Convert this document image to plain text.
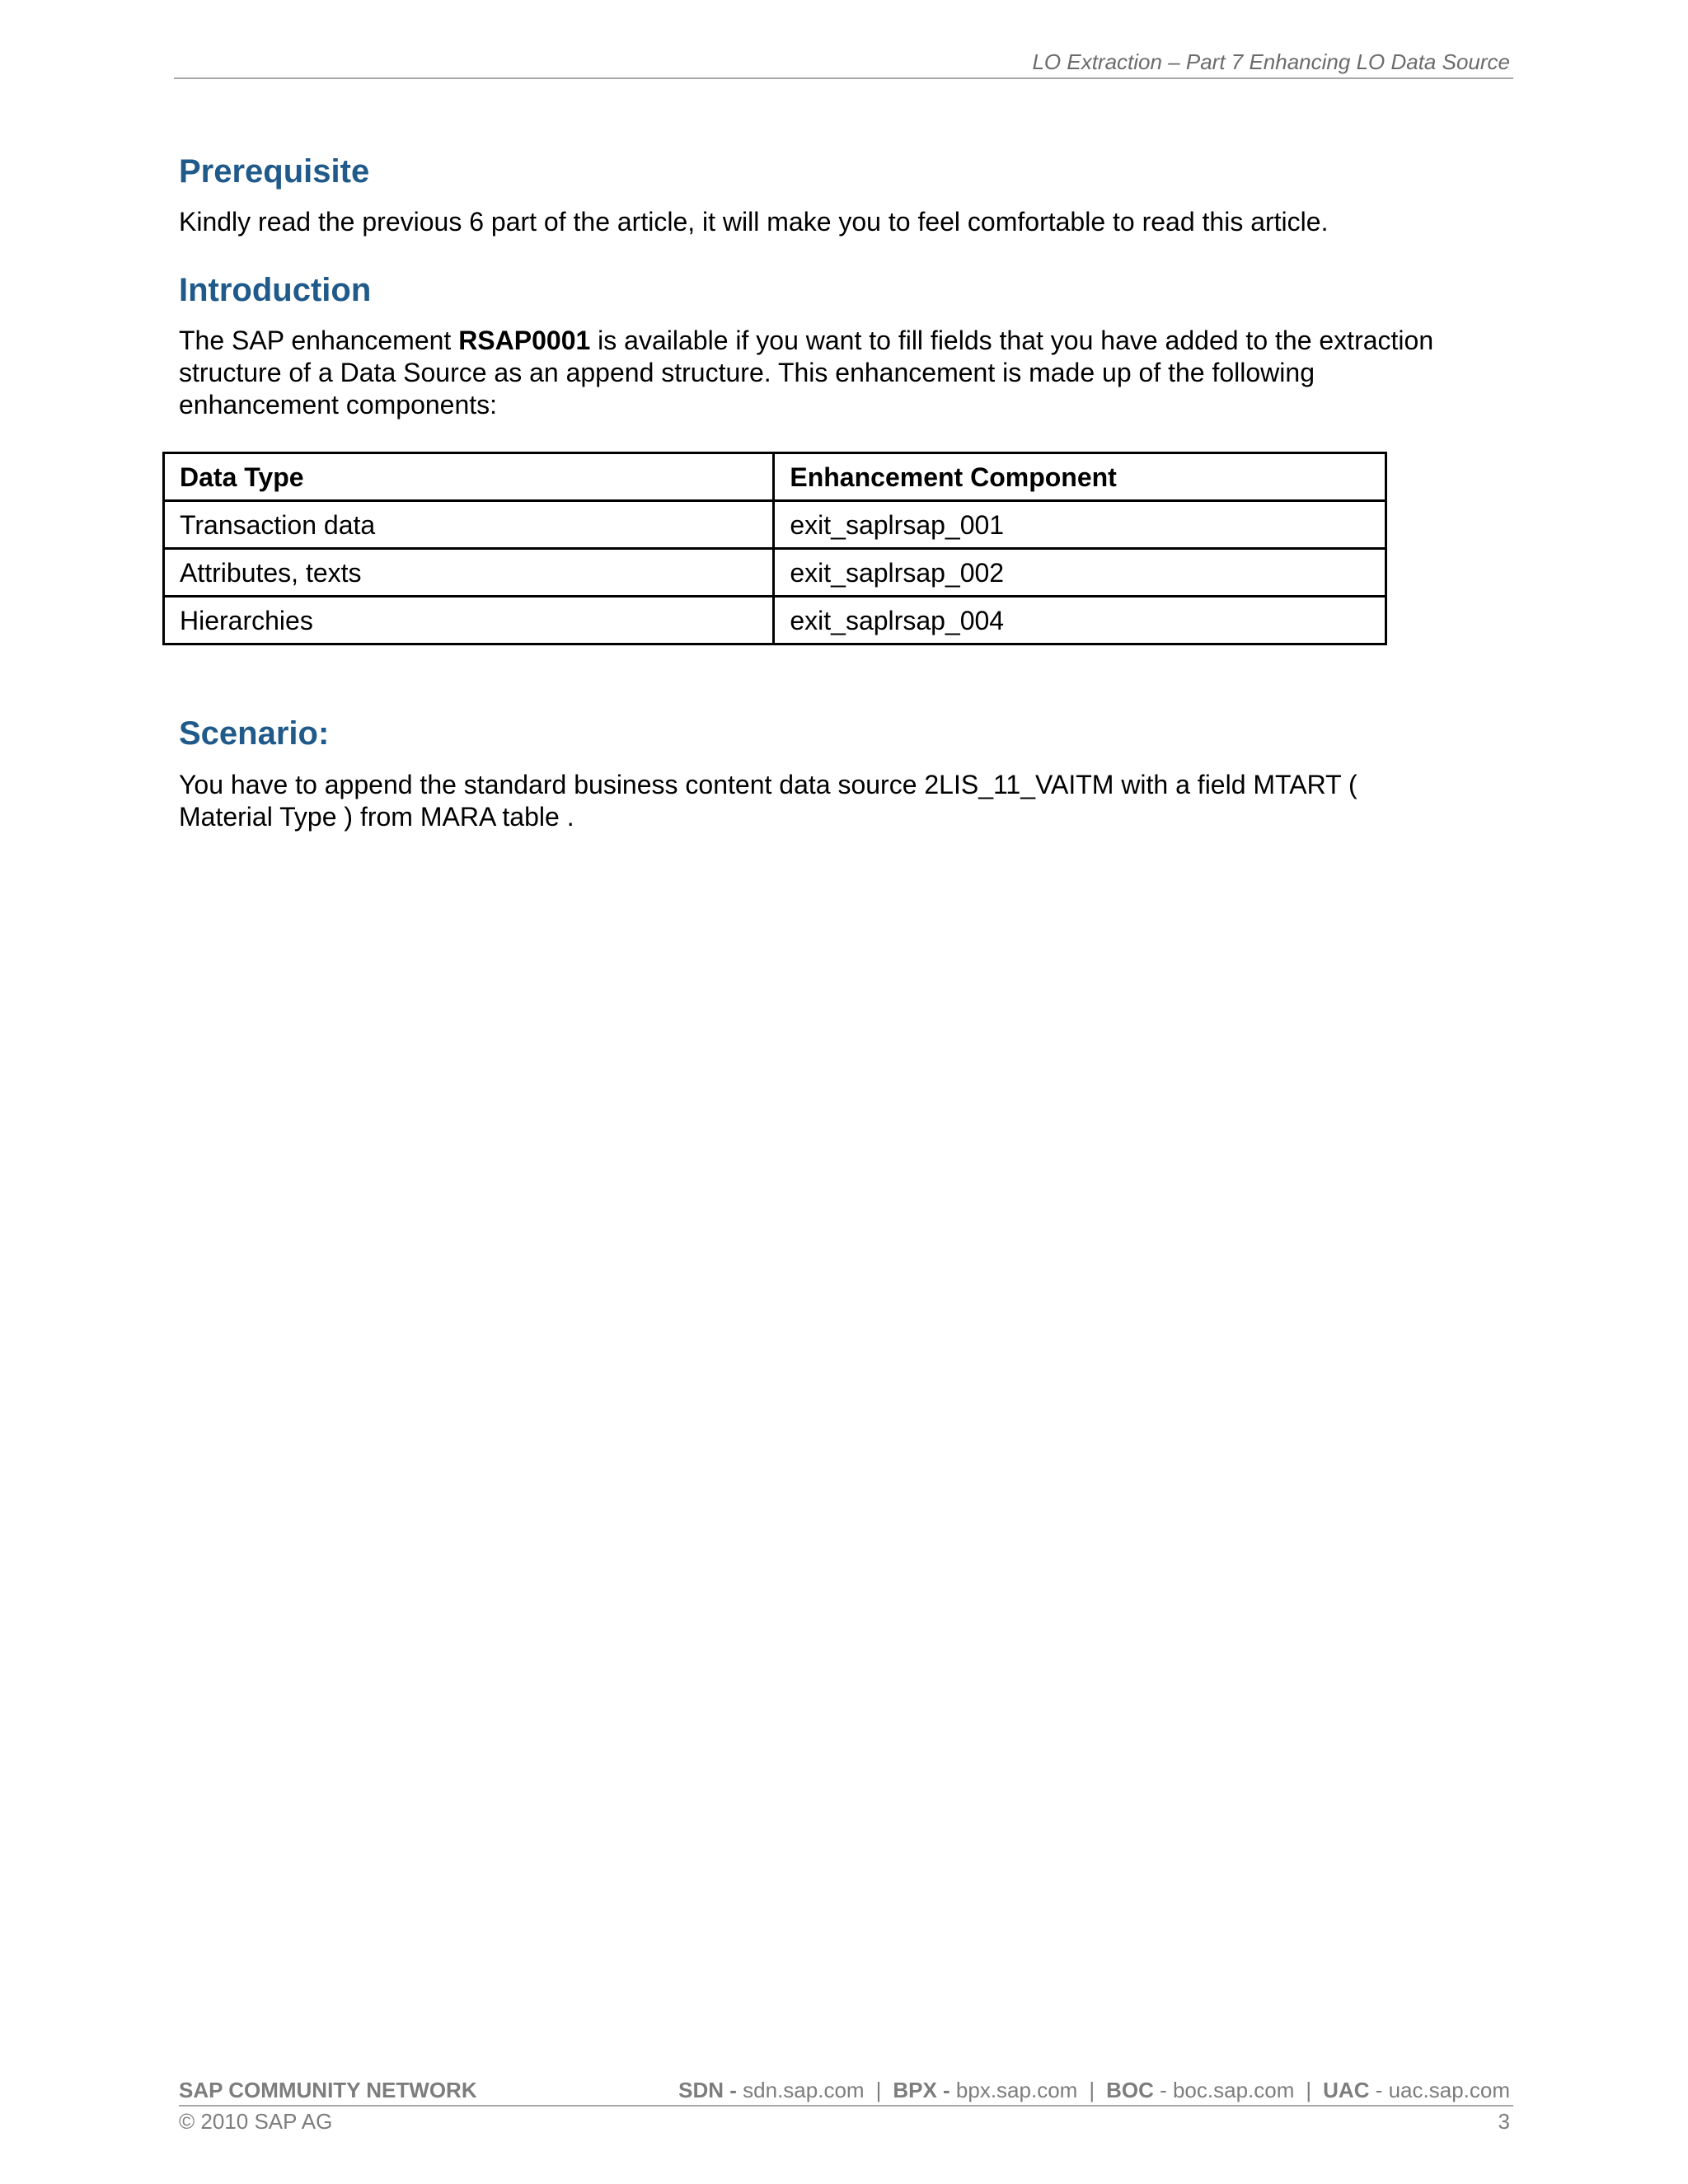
LO Extraction – Part 7 Enhancing LO Data Source
Prerequisite

Kindly read the previous 6 part of the article, it will make you to feel comfortable to read this article.

Introduction
The SAP enhancement RSAP0001 is available if you want to fill fields that you have added to the extraction
structure of a Data Source as an append structure. This enhancement is made up of the following
enhancement components:
Data Type	Enhancement Component
Transaction data	exit_saplrsap_001
Attributes, texts	exit_saplrsap_002
Hierarchies	exit_saplrsap_004
Scenario:
You have to append the standard business content data source 2LIS_11_VAITM with a field MTART (
Material Type ) from MARA table .
SAP COMMUNITY NETWORK	SDN - sdn.sap.com | BPX - bpx.sap.com | BOC - boc.sap.com | UAC - uac.sap.com
© 2010 SAP AG	3
